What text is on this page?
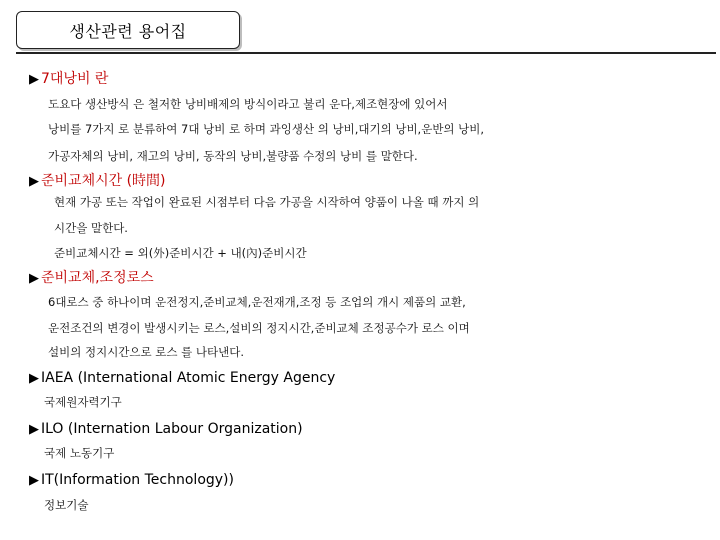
생산관련 용어집
▶ 7대낭비 란
도요다 생산방식 은 철저한 낭비배제의 방식이라고 불리 운다,제조현장에 있어서
낭비를 7가지 로 분류하여 7대 낭비 로 하며 과잉생산 의 낭비,대기의 낭비,운반의 낭비,
가공자체의 낭비, 재고의 낭비, 동작의 낭비,불량품 수정의 낭비 를 말한다.
▶ 준비교체시간 (時間)
현재 가공 또는 작업이 완료된 시점부터 다음 가공을 시작하여 양품이 나올 때 까지 의
시간을 말한다.
준비교체시간 = 외(外)준비시간 + 내(內)준비시간
▶ 준비교체,조정로스
6대로스 중 하나이며 운전정지,준비교체,운전재개,조정 등 조업의 개시 제품의 교환,
운전조건의 변경이 발생시키는 로스,설비의 정지시간,준비교체 조정공수가 로스 이며
설비의 정지시간으로 로스 를 나타낸다.
▶ IAEA (International Atomic Energy Agency
국제원자력기구
▶ ILO (Internation Labour Organization)
국제 노동기구
▶ IT(Information Technology))
정보기술
